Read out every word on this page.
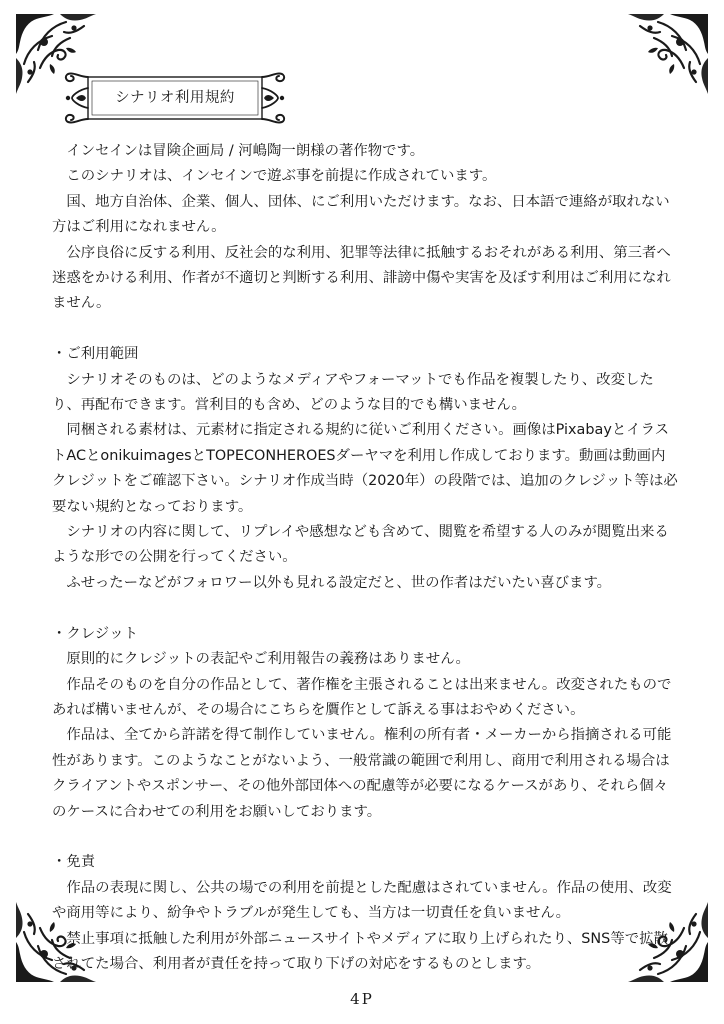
シナリオ利用規約

インセインは冒険企画局 / 河嶋陶一朗様の著作物です。

このシナリオは、インセインで遊ぶ事を前提に作成されています。

国、地方自治体、企業、個人、団体、にご利用いただけます。なお、日本語で連絡が取れない方はご利用になれません。

公序良俗に反する利用、反社会的な利用、犯罪等法律に抵触するおそれがある利用、第三者へ迷惑をかける利用、作者が不適切と判断する利用、誹謗中傷や実害を及ぼす利用はご利用になれません。

・ご利用範囲

シナリオそのものは、どのようなメディアやフォーマットでも作品を複製したり、改変したり、再配布できます。営利目的も含め、どのような目的でも構いません。

同梱される素材は、元素材に指定される規約に従いご利用ください。画像はPixabayとイラストACとonikuimagesとTOPECONHEROESダーヤマを利用し作成しております。動画は動画内クレジットをご確認下さい。シナリオ作成当時（2020年）の段階では、追加のクレジット等は必要ない規約となっております。

シナリオの内容に関して、リプレイや感想なども含めて、閲覧を希望する人のみが閲覧出来るような形での公開を行ってください。

ふせったーなどがフォロワー以外も見れる設定だと、世の作者はだいたい喜びます。

・クレジット

原則的にクレジットの表記やご利用報告の義務はありません。

作品そのものを自分の作品として、著作権を主張されることは出来ません。改変されたものであれば構いませんが、その場合にこちらを贋作として訴える事はおやめください。

作品は、全てから許諾を得て制作していません。権利の所有者・メーカーから指摘される可能性があります。このようなことがないよう、一般常識の範囲で利用し、商用で利用される場合はクライアントやスポンサー、その他外部団体への配慮等が必要になるケースがあり、それら個々のケースに合わせての利用をお願いしております。

・免責

作品の表現に関し、公共の場での利用を前提とした配慮はされていません。作品の使用、改変や商用等により、紛争やトラブルが発生しても、当方は一切責任を負いません。

禁止事項に抵触した利用が外部ニュースサイトやメディアに取り上げられたり、SNS等で拡散されてた場合、利用者が責任を持って取り下げの対応をするものとします。

4P
